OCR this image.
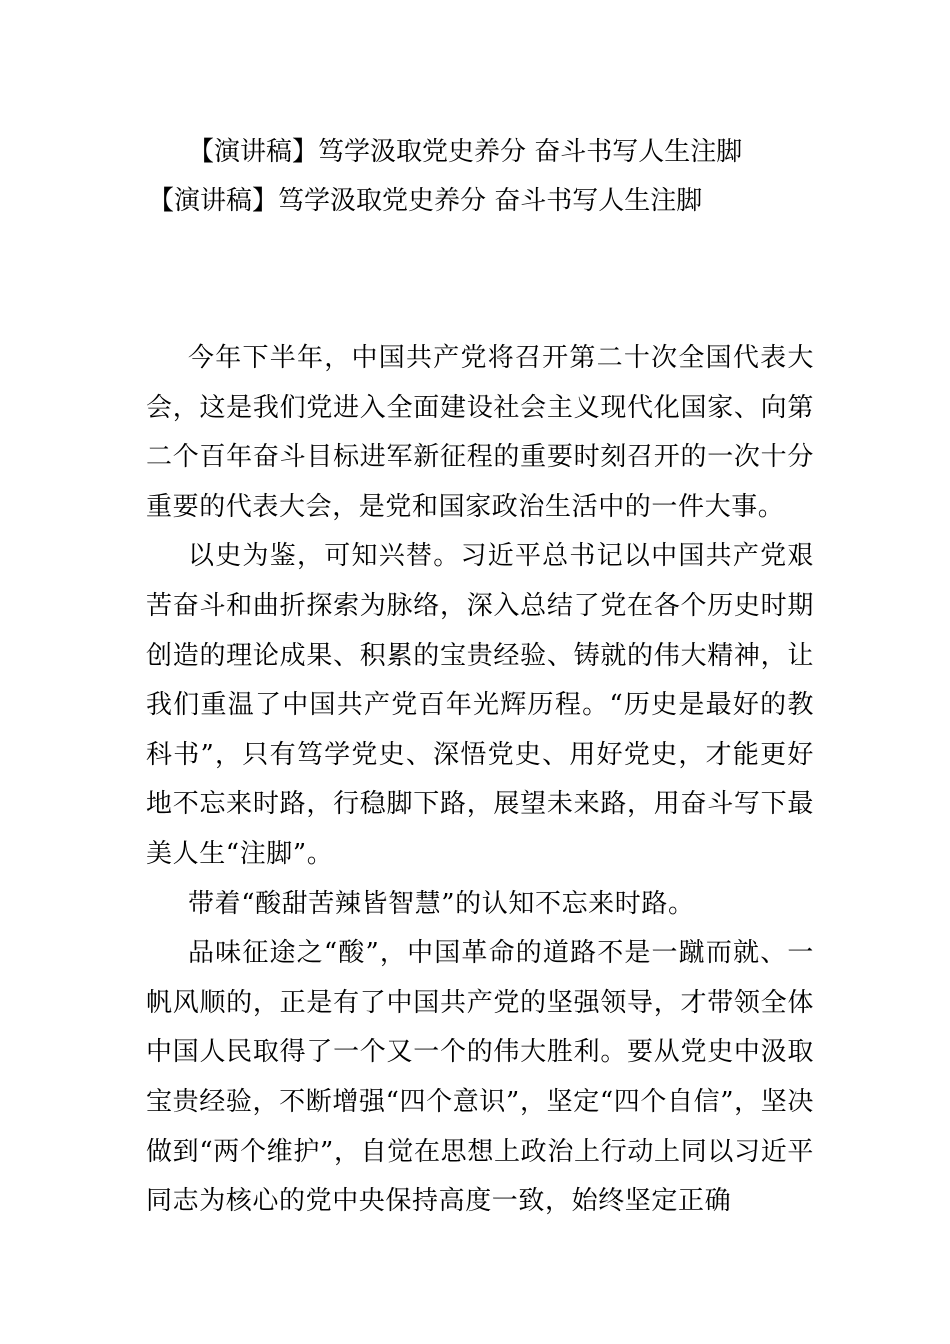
【演讲稿】笃学汲取党史养分 奋斗书写人生注脚
【演讲稿】笃学汲取党史养分 奋斗书写人生注脚

今年下半年，中国共产党将召开第二十次全国代表大会，这是我们党进入全面建设社会主义现代化国家、向第二个百年奋斗目标进军新征程的重要时刻召开的一次十分重要的代表大会，是党和国家政治生活中的一件大事。

以史为鉴，可知兴替。习近平总书记以中国共产党艰苦奋斗和曲折探索为脉络，深入总结了党在各个历史时期创造的理论成果、积累的宝贵经验、铸就的伟大精神，让我们重温了中国共产党百年光辉历程。“历史是最好的教科书”，只有笃学党史、深悟党史、用好党史，才能更好地不忘来时路，行稳脚下路，展望未来路，用奋斗写下最美人生“注脚”。

带着“酸甜苦辣皆智慧”的认知不忘来时路。

品味征途之“酸”，中国革命的道路不是一蹴而就、一帆风顺的，正是有了中国共产党的坚强领导，才带领全体中国人民取得了一个又一个的伟大胜利。要从党史中汲取宝贵经验，不断增强“四个意识”，坚定“四个自信”，坚决做到“两个维护”，自觉在思想上政治上行动上同以习近平同志为核心的党中央保持高度一致，始终坚定正确
